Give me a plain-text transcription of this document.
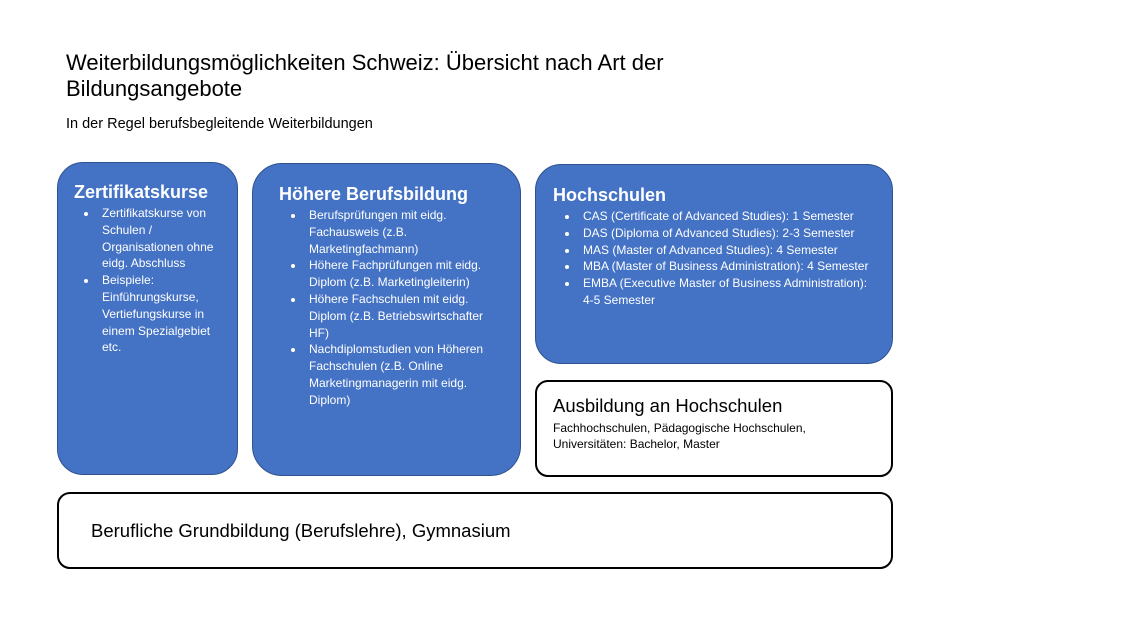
Weiterbildungsmöglichkeiten Schweiz: Übersicht nach Art der Bildungsangebote
In der Regel berufsbegleitende Weiterbildungen
Zertifikatskurse
• Zertifikatskurse von Schulen / Organisationen ohne eidg. Abschluss
• Beispiele: Einführungskurse, Vertiefungskurse in einem Spezialgebiet etc.
Höhere Berufsbildung
• Berufsprüfungen mit eidg. Fachausweis (z.B. Marketingfachmann)
• Höhere Fachprüfungen mit eidg. Diplom (z.B. Marketingleiterin)
• Höhere Fachschulen mit eidg. Diplom (z.B. Betriebswirtschafter HF)
• Nachdiplomstudien von Höheren Fachschulen (z.B. Online Marketingmanagerin mit eidg. Diplom)
Hochschulen
• CAS (Certificate of Advanced Studies): 1 Semester
• DAS (Diploma of Advanced Studies): 2-3 Semester
• MAS (Master of Advanced Studies): 4 Semester
• MBA (Master of Business Administration): 4 Semester
• EMBA (Executive Master of Business Administration): 4-5 Semester
Ausbildung an Hochschulen

Fachhochschulen, Pädagogische Hochschulen, Universitäten: Bachelor, Master

Berufliche Grundbildung (Berufslehre), Gymnasium
